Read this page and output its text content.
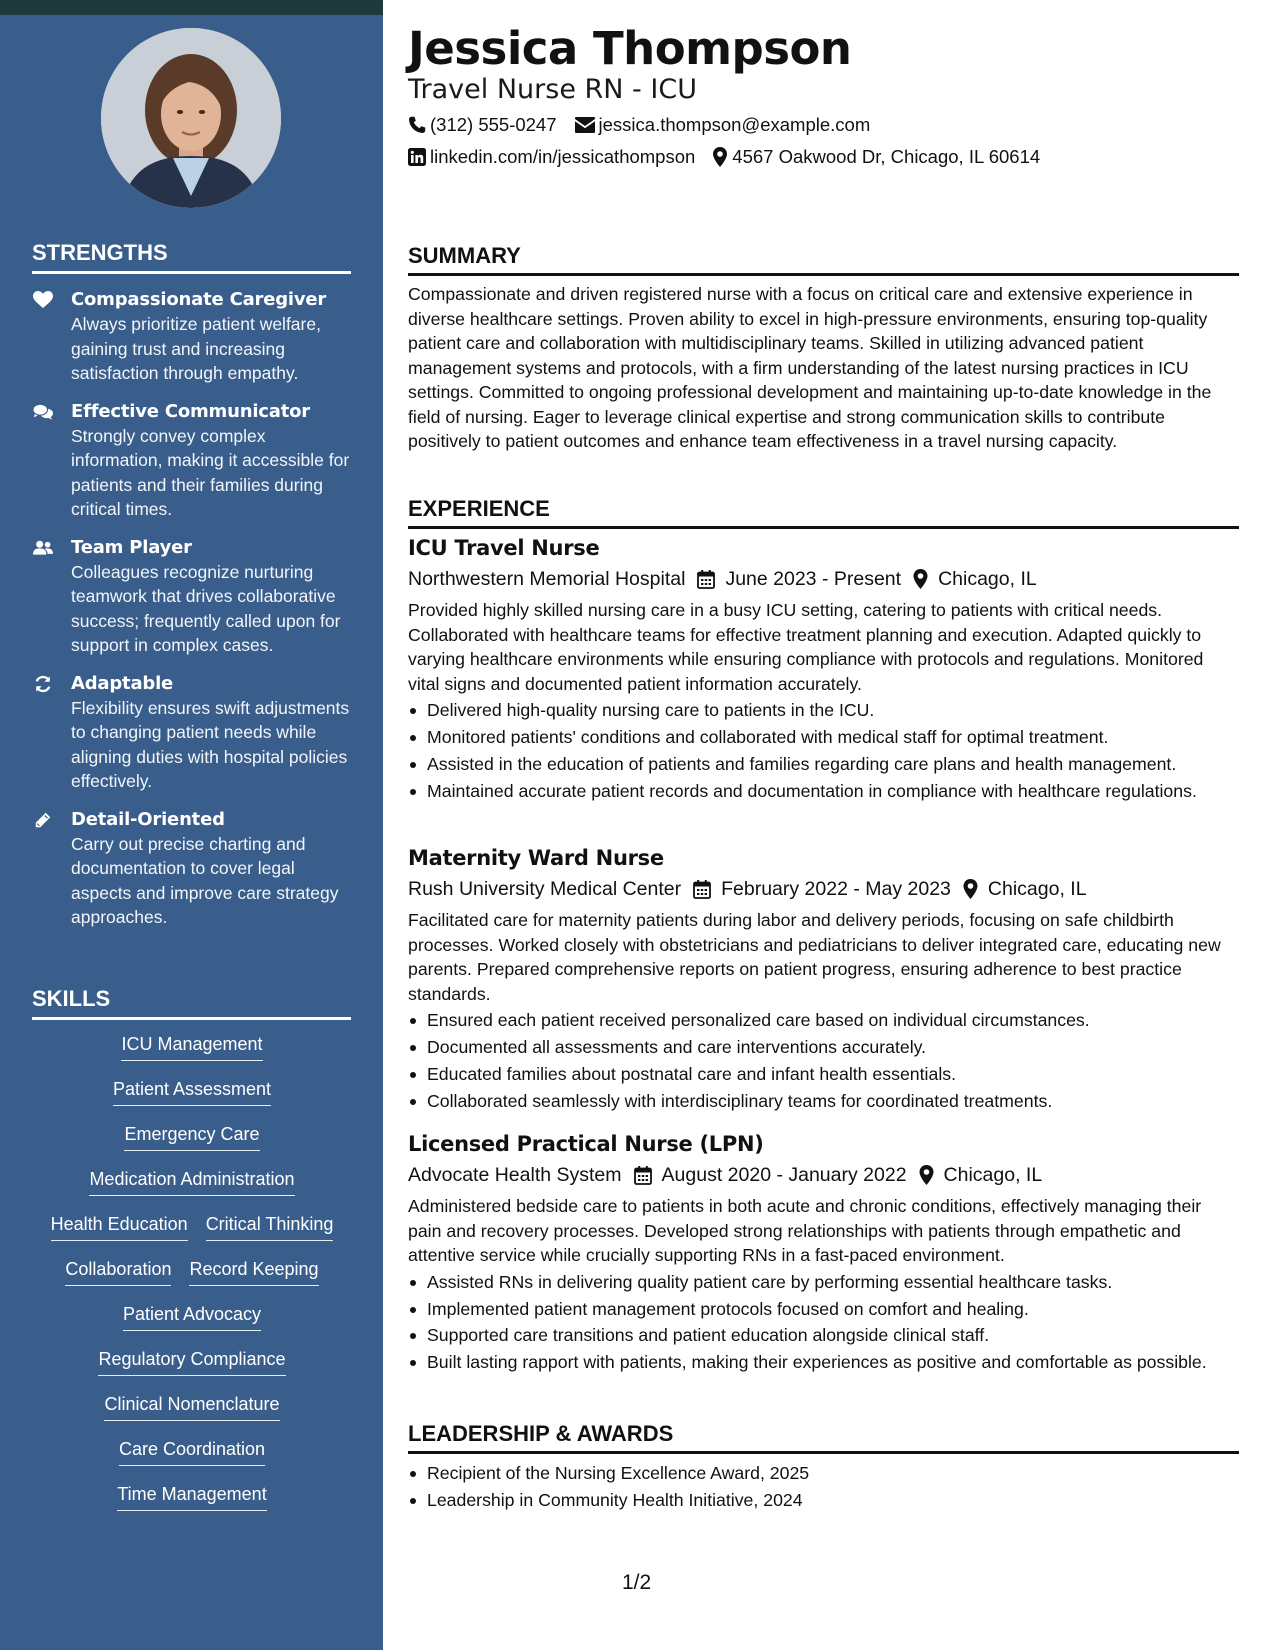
STRENGTHS
Compassionate Caregiver
Always prioritize patient welfare, gaining trust and increasing satisfaction through empathy.
Effective Communicator
Strongly convey complex information, making it accessible for patients and their families during critical times.
Team Player
Colleagues recognize nurturing teamwork that drives collaborative success; frequently called upon for support in complex cases.
Adaptable
Flexibility ensures swift adjustments to changing patient needs while aligning duties with hospital policies effectively.
Detail-Oriented
Carry out precise charting and documentation to cover legal aspects and improve care strategy approaches.
SKILLS
ICU Management
Patient Assessment
Emergency Care
Medication Administration
Health Education Critical Thinking
Collaboration Record Keeping
Patient Advocacy
Regulatory Compliance
Clinical Nomenclature
Care Coordination
Time Management
Jessica Thompson
Travel Nurse RN - ICU
(312) 555-0247 jessica.thompson@example.com
linkedin.com/in/jessicathompson 4567 Oakwood Dr, Chicago, IL 60614
SUMMARY
Compassionate and driven registered nurse with a focus on critical care and extensive experience in diverse healthcare settings. Proven ability to excel in high-pressure environments, ensuring top-quality patient care and collaboration with multidisciplinary teams. Skilled in utilizing advanced patient management systems and protocols, with a firm understanding of the latest nursing practices in ICU settings. Committed to ongoing professional development and maintaining up-to-date knowledge in the field of nursing. Eager to leverage clinical expertise and strong communication skills to contribute positively to patient outcomes and enhance team effectiveness in a travel nursing capacity.
EXPERIENCE
ICU Travel Nurse
Northwestern Memorial Hospital June 2023 - Present Chicago, IL
Provided highly skilled nursing care in a busy ICU setting, catering to patients with critical needs. Collaborated with healthcare teams for effective treatment planning and execution. Adapted quickly to varying healthcare environments while ensuring compliance with protocols and regulations. Monitored vital signs and documented patient information accurately.
Delivered high-quality nursing care to patients in the ICU.
Monitored patients' conditions and collaborated with medical staff for optimal treatment.
Assisted in the education of patients and families regarding care plans and health management.
Maintained accurate patient records and documentation in compliance with healthcare regulations.
Maternity Ward Nurse
Rush University Medical Center February 2022 - May 2023 Chicago, IL
Facilitated care for maternity patients during labor and delivery periods, focusing on safe childbirth processes. Worked closely with obstetricians and pediatricians to deliver integrated care, educating new parents. Prepared comprehensive reports on patient progress, ensuring adherence to best practice standards.
Ensured each patient received personalized care based on individual circumstances.
Documented all assessments and care interventions accurately.
Educated families about postnatal care and infant health essentials.
Collaborated seamlessly with interdisciplinary teams for coordinated treatments.
Licensed Practical Nurse (LPN)
Advocate Health System August 2020 - January 2022 Chicago, IL
Administered bedside care to patients in both acute and chronic conditions, effectively managing their pain and recovery processes. Developed strong relationships with patients through empathetic and attentive service while crucially supporting RNs in a fast-paced environment.
Assisted RNs in delivering quality patient care by performing essential healthcare tasks.
Implemented patient management protocols focused on comfort and healing.
Supported care transitions and patient education alongside clinical staff.
Built lasting rapport with patients, making their experiences as positive and comfortable as possible.
LEADERSHIP & AWARDS
Recipient of the Nursing Excellence Award, 2025
Leadership in Community Health Initiative, 2024
1/2
